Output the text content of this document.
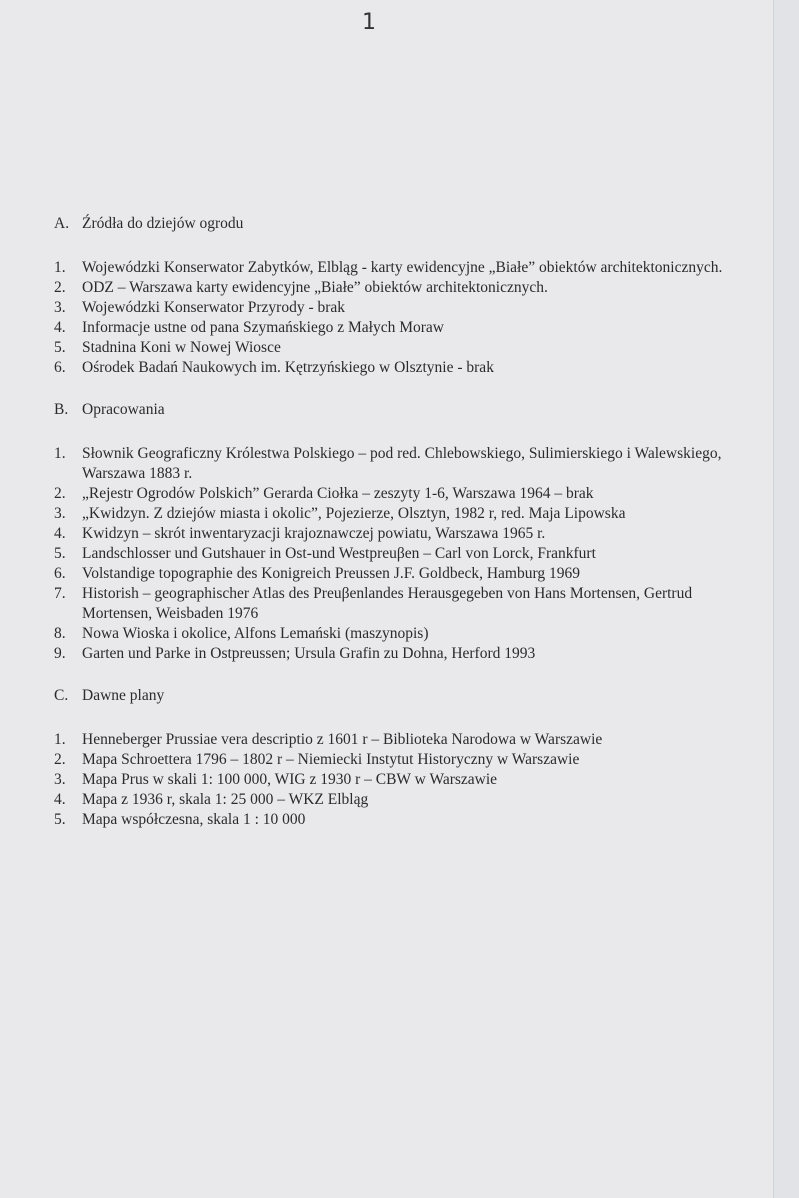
1
A. Źródła do dziejów ogrodu
1.	Wojewódzki Konserwator Zabytków, Elbląg - karty ewidencyjne „Białe” obiektów architektonicznych.
2.	ODZ – Warszawa karty ewidencyjne „Białe” obiektów architektonicznych.
3.	Wojewódzki Konserwator Przyrody - brak
4.	Informacje ustne od pana Szymańskiego z Małych Moraw
5.	Stadnina Koni w Nowej Wiosce
6.	Ośrodek Badań Naukowych im. Kętrzyńskiego w Olsztynie - brak
B. Opracowania
1.	Słownik Geograficzny Królestwa Polskiego – pod red. Chlebowskiego, Sulimierskiego i Walewskiego, Warszawa 1883 r.
2.	„Rejestr Ogrodów Polskich” Gerarda Ciołka – zeszyty 1-6, Warszawa 1964 – brak
3.	„Kwidzyn. Z dziejów miasta i okolic”, Pojezierze, Olsztyn, 1982 r, red. Maja Lipowska
4.	Kwidzyn – skrót inwentaryzacji krajoznawczej powiatu, Warszawa 1965 r.
5.	Landschlosser und Gutshauer in Ost-und Westpreuβen – Carl von Lorck, Frankfurt
6.	Volstandige topographie des Konigreich Preussen J.F. Goldbeck, Hamburg 1969
7.	Historish – geographischer Atlas des Preuβenlandes Herausgegeben von Hans Mortensen, Gertrud Mortensen, Weisbaden 1976
8.	Nowa Wioska i okolice, Alfons Lemański (maszynopis)
9.	Garten und Parke in Ostpreussen; Ursula Grafin zu Dohna, Herford 1993
C. Dawne plany
1.	Henneberger Prussiae vera descriptio z 1601 r – Biblioteka Narodowa w Warszawie
2.	Mapa Schroettera 1796 – 1802 r – Niemiecki Instytut Historyczny w Warszawie
3.	Mapa Prus w skali 1: 100 000, WIG z 1930 r – CBW w Warszawie
4.	Mapa z 1936 r, skala 1: 25 000 – WKZ Elbląg
5.	Mapa współczesna, skala 1 : 10 000
